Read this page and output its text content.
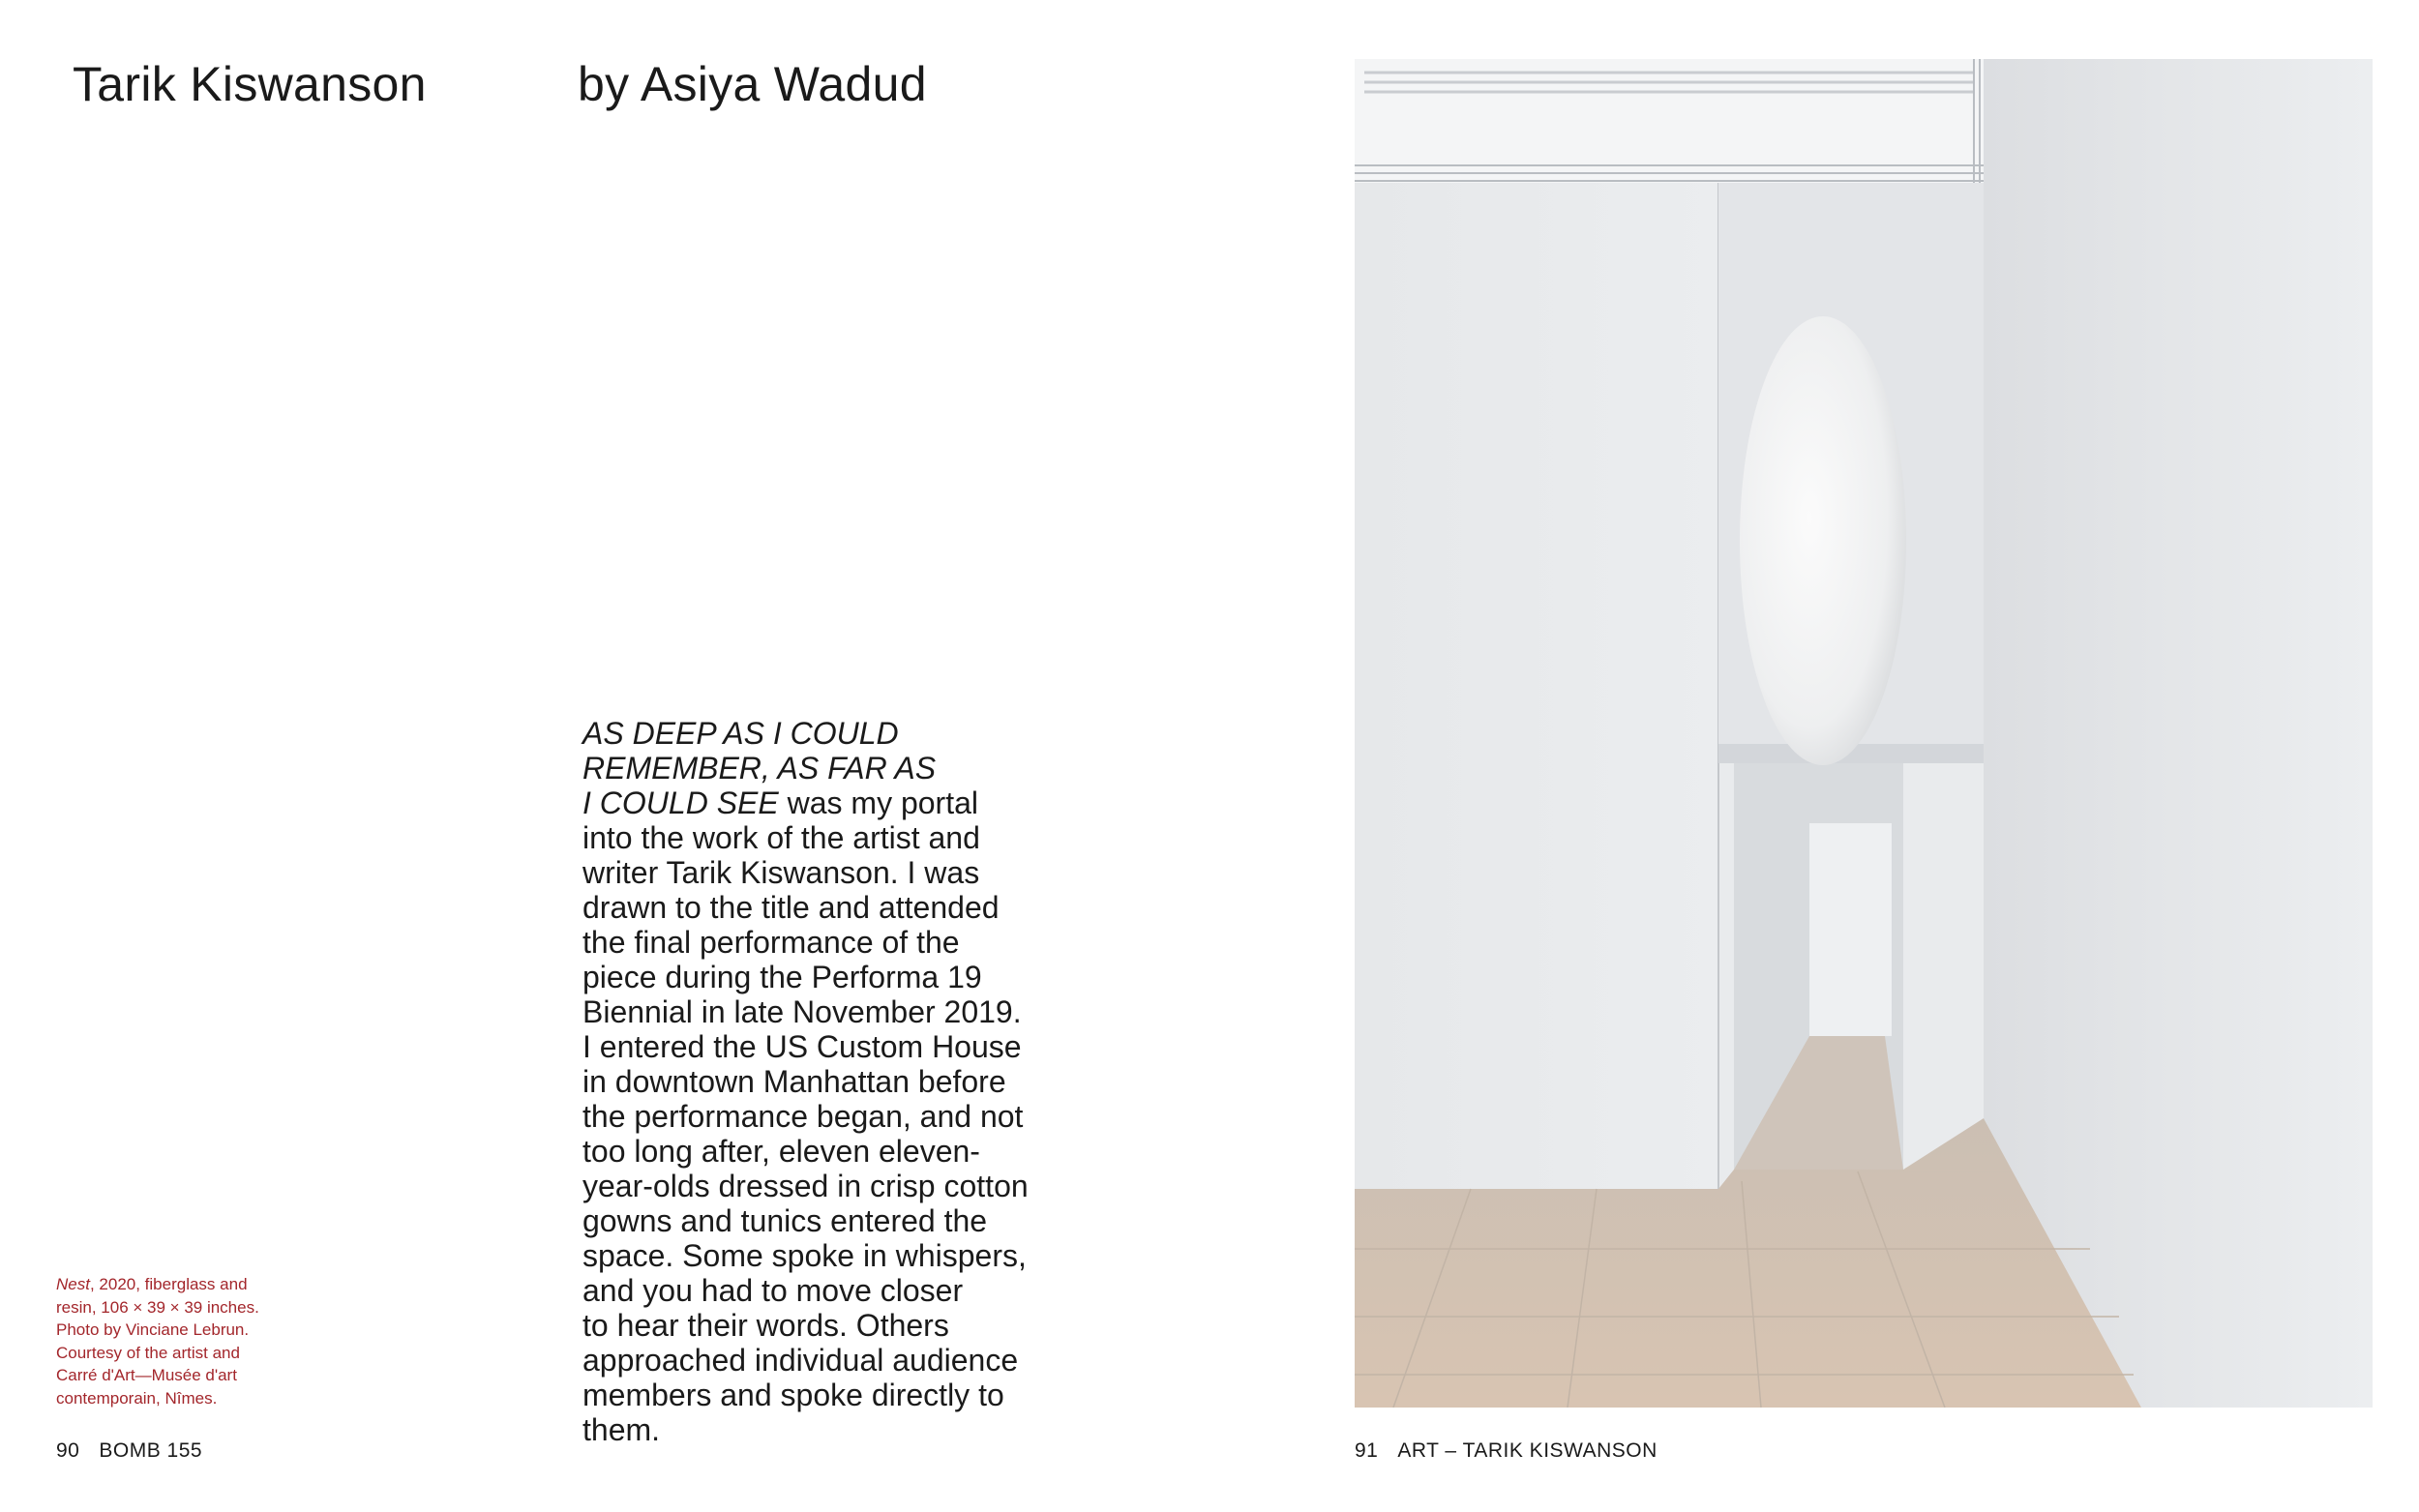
Tarik Kiswanson	by Asiya Wadud

AS DEEP AS I COULD
REMEMBER, AS FAR AS
I COULD SEE was my portal
into the work of the artist and
writer Tarik Kiswanson. I was
drawn to the title and attended
the final performance of the
piece during the Performa 19
Biennial in late November 2019.
I entered the US Custom House
in downtown Manhattan before
the performance began, and not
too long after, eleven eleven-
year-olds dressed in crisp cotton
gowns and tunics entered the
space. Some spoke in whispers,
and you had to move closer
to hear their words. Others
approached individual audience
members and spoke directly to
them.

Nest, 2020, fiberglass and
resin, 106 × 39 × 39 inches.
Photo by Vinciane Lebrun.
Courtesy of the artist and
Carré d'Art—Musée d'art
contemporain, Nîmes.

90 BOMB 155	91 ART – TARIK KISWANSON
